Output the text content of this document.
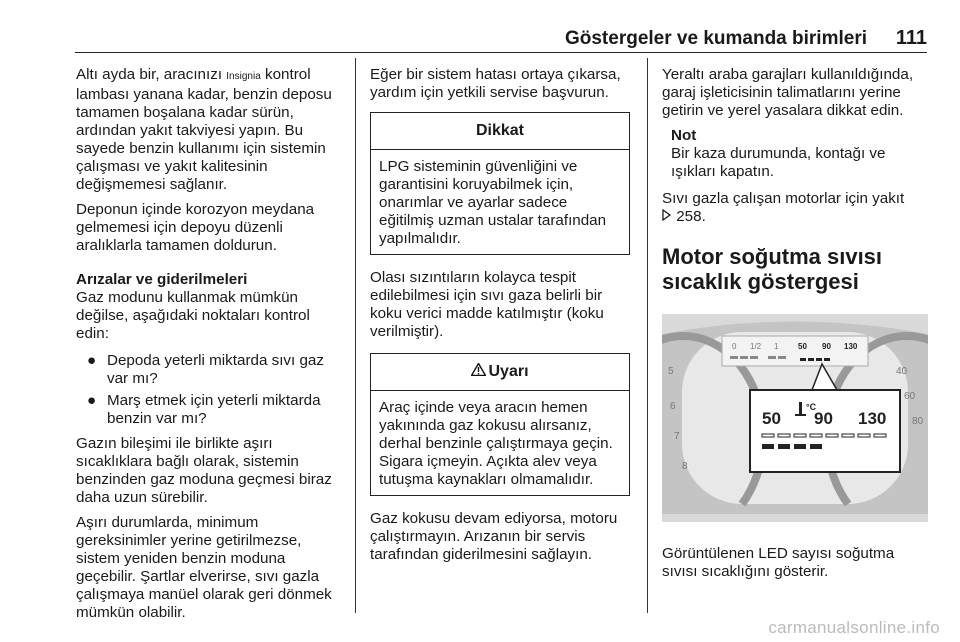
Göstergeler ve kumanda birimleri 111

Altı ayda bir, aracınızı Insignia kontrol lambası yanana kadar, benzin deposu tamamen boşalana kadar sürün, ardından yakıt takviyesi yapın. Bu sayede benzin kullanımı için sistemin çalışması ve yakıt kalitesinin değişmemesi sağlanır.

Deponun içinde korozyon meydana gelmemesi için depoyu düzenli aralıklarla tamamen doldurun.

Arızalar ve giderilmeleri

Gaz modunu kullanmak mümkün değilse, aşağıdaki noktaları kontrol edin:

● Depoda yeterli miktarda sıvı gaz var mı?
● Marş etmek için yeterli miktarda benzin var mı?

Gazın bileşimi ile birlikte aşırı sıcaklıklara bağlı olarak, sistemin benzinden gaz moduna geçmesi biraz daha uzun sürebilir.

Aşırı durumlarda, minimum gereksinimler yerine getirilmezse, sistem yeniden benzin moduna geçebilir. Şartlar elverirse, sıvı gazla çalışmaya manüel olarak geri dönmek mümkün olabilir.

Eğer bir sistem hatası ortaya çıkarsa, yardım için yetkili servise başvurun.

Dikkat
LPG sisteminin güvenliğini ve garantisini koruyabilmek için, onarımlar ve ayarlar sadece eğitilmiş uzman ustalar tarafından yapılmalıdır.

Olası sızıntıların kolayca tespit edilebilmesi için sıvı gaza belirli bir koku verici madde katılmıştır (koku verilmiştir).

Uyarı
Araç içinde veya aracın hemen yakınında gaz kokusu alırsanız, derhal benzinle çalıştırmaya geçin. Sigara içmeyin. Açıkta alev veya tutuşma kaynakları olmamalıdır.

Gaz kokusu devam ediyorsa, motoru çalıştırmayın. Arızanın bir servis tarafından giderilmesini sağlayın.

Yeraltı araba garajları kullanıldığında, garaj işleticisinin talimatlarını yerine getirin ve yerel yasalara dikkat edin.

Not
Bir kaza durumunda, kontağı ve ışıkları kapatın.

Sıvı gazla çalışan motorlar için yakıt
258.

Motor soğutma sıvısı sıcaklık göstergesi
0 1/2 1 50 90 130
5
6
7
8
40
60
80
50 90 130
°C

Görüntülenen LED sayısı soğutma sıvısı sıcaklığını gösterir.

carmanualsonline.info
